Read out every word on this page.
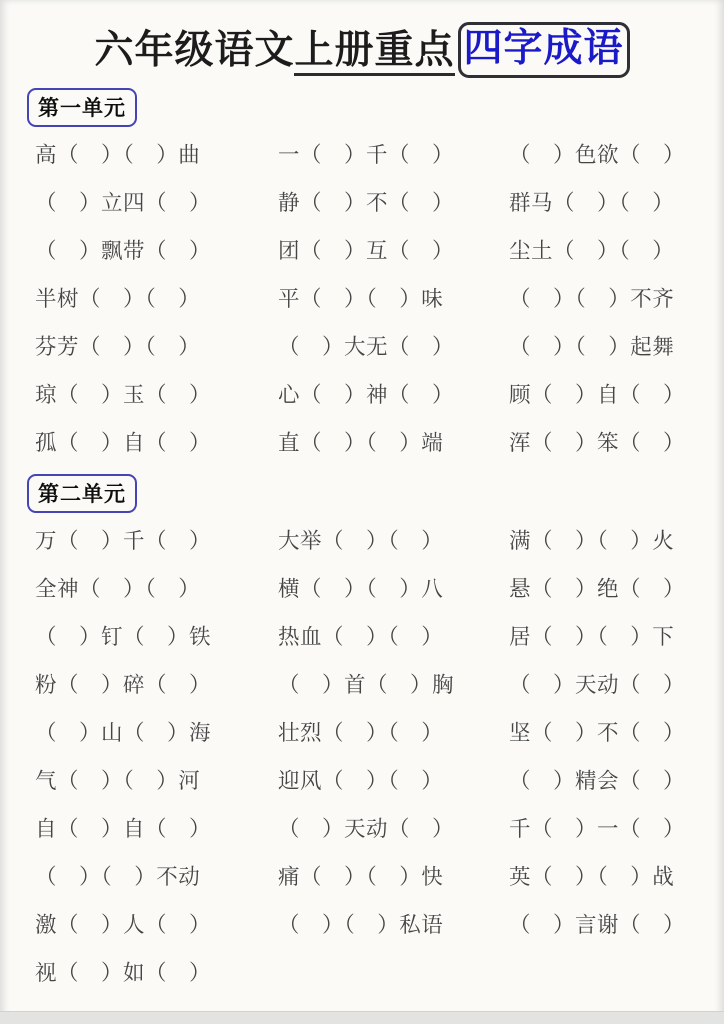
六年级语文上册重点 四字成语
第一单元
高（　）（　）曲	一（　）千（　）	（　）色欲（　）
（　）立四（　）	静（　）不（　）	群马（　）（　）
（　）飘带（　）	团（　）互（　）	尘土（　）（　）
半树（　）（　）	平（　）（　）味	（　）（　）不齐
芬芳（　）（　）	（　）大无（　）	（　）（　）起舞
琼（　）玉（　）	心（　）神（　）	顾（　）自（　）
孤（　）自（　）	直（　）（　）端	浑（　）笨（　）
第二单元
万（　）千（　）	大举（　）（　）	满（　）（　）火
全神（　）（　）	横（　）（　）八	悬（　）绝（　）
（　）钉（　）铁	热血（　）（　）	居（　）（　）下
粉（　）碎（　）	（　）首（　）胸	（　）天动（　）
（　）山（　）海	壮烈（　）（　）	坚（　）不（　）
气（　）（　）河	迎风（　）（　）	（　）精会（　）
自（　）自（　）	（　）天动（　）	千（　）一（　）
（　）（　）不动	痛（　）（　）快	英（　）（　）战
激（　）人（　）	（　）（　）私语	（　）言谢（　）
视（　）如（　）
